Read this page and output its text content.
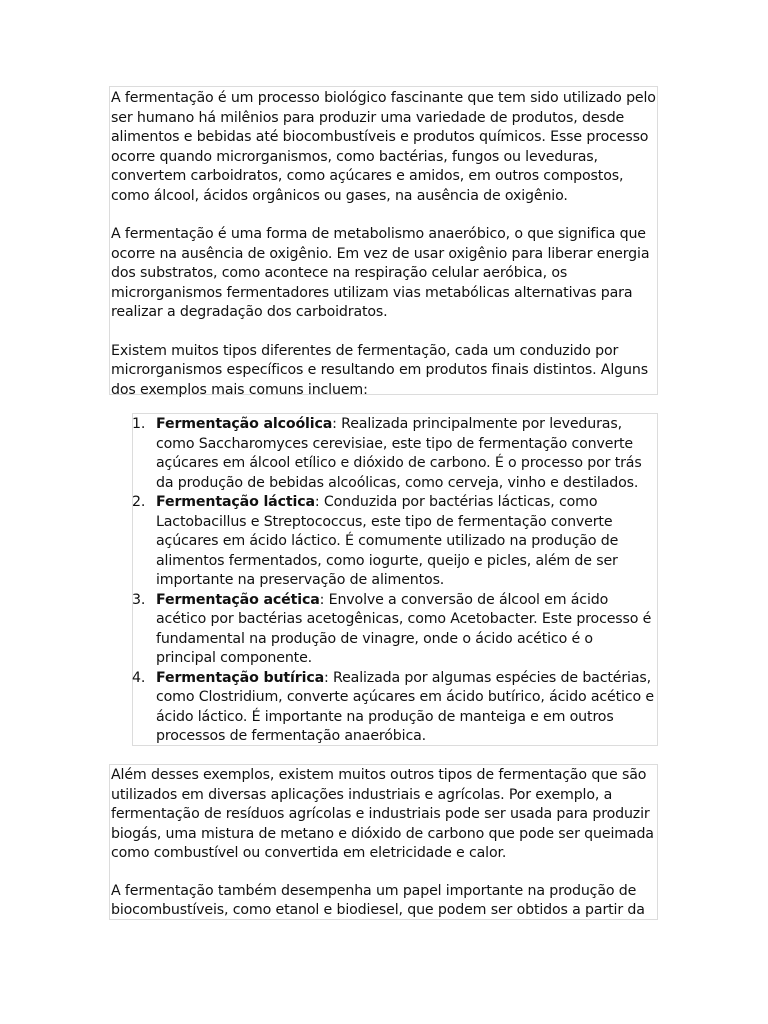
A fermentação é um processo biológico fascinante que tem sido utilizado pelo ser humano há milênios para produzir uma variedade de produtos, desde alimentos e bebidas até biocombustíveis e produtos químicos. Esse processo ocorre quando microrganismos, como bactérias, fungos ou leveduras, convertem carboidratos, como açúcares e amidos, em outros compostos, como álcool, ácidos orgânicos ou gases, na ausência de oxigênio.

A fermentação é uma forma de metabolismo anaeróbico, o que significa que ocorre na ausência de oxigênio. Em vez de usar oxigênio para liberar energia dos substratos, como acontece na respiração celular aeróbica, os microrganismos fermentadores utilizam vias metabólicas alternativas para realizar a degradação dos carboidratos.

Existem muitos tipos diferentes de fermentação, cada um conduzido por microrganismos específicos e resultando em produtos finais distintos. Alguns dos exemplos mais comuns incluem:

1. Fermentação alcoólica: Realizada principalmente por leveduras, como Saccharomyces cerevisiae, este tipo de fermentação converte açúcares em álcool etílico e dióxido de carbono. É o processo por trás da produção de bebidas alcoólicas, como cerveja, vinho e destilados.
2. Fermentação láctica: Conduzida por bactérias lácticas, como Lactobacillus e Streptococcus, este tipo de fermentação converte açúcares em ácido láctico. É comumente utilizado na produção de alimentos fermentados, como iogurte, queijo e picles, além de ser importante na preservação de alimentos.
3. Fermentação acética: Envolve a conversão de álcool em ácido acético por bactérias acetogênicas, como Acetobacter. Este processo é fundamental na produção de vinagre, onde o ácido acético é o principal componente.
4. Fermentação butírica: Realizada por algumas espécies de bactérias, como Clostridium, converte açúcares em ácido butírico, ácido acético e ácido láctico. É importante na produção de manteiga e em outros processos de fermentação anaeróbica.

Além desses exemplos, existem muitos outros tipos de fermentação que são utilizados em diversas aplicações industriais e agrícolas. Por exemplo, a fermentação de resíduos agrícolas e industriais pode ser usada para produzir biogás, uma mistura de metano e dióxido de carbono que pode ser queimada como combustível ou convertida em eletricidade e calor.

A fermentação também desempenha um papel importante na produção de biocombustíveis, como etanol e biodiesel, que podem ser obtidos a partir da
